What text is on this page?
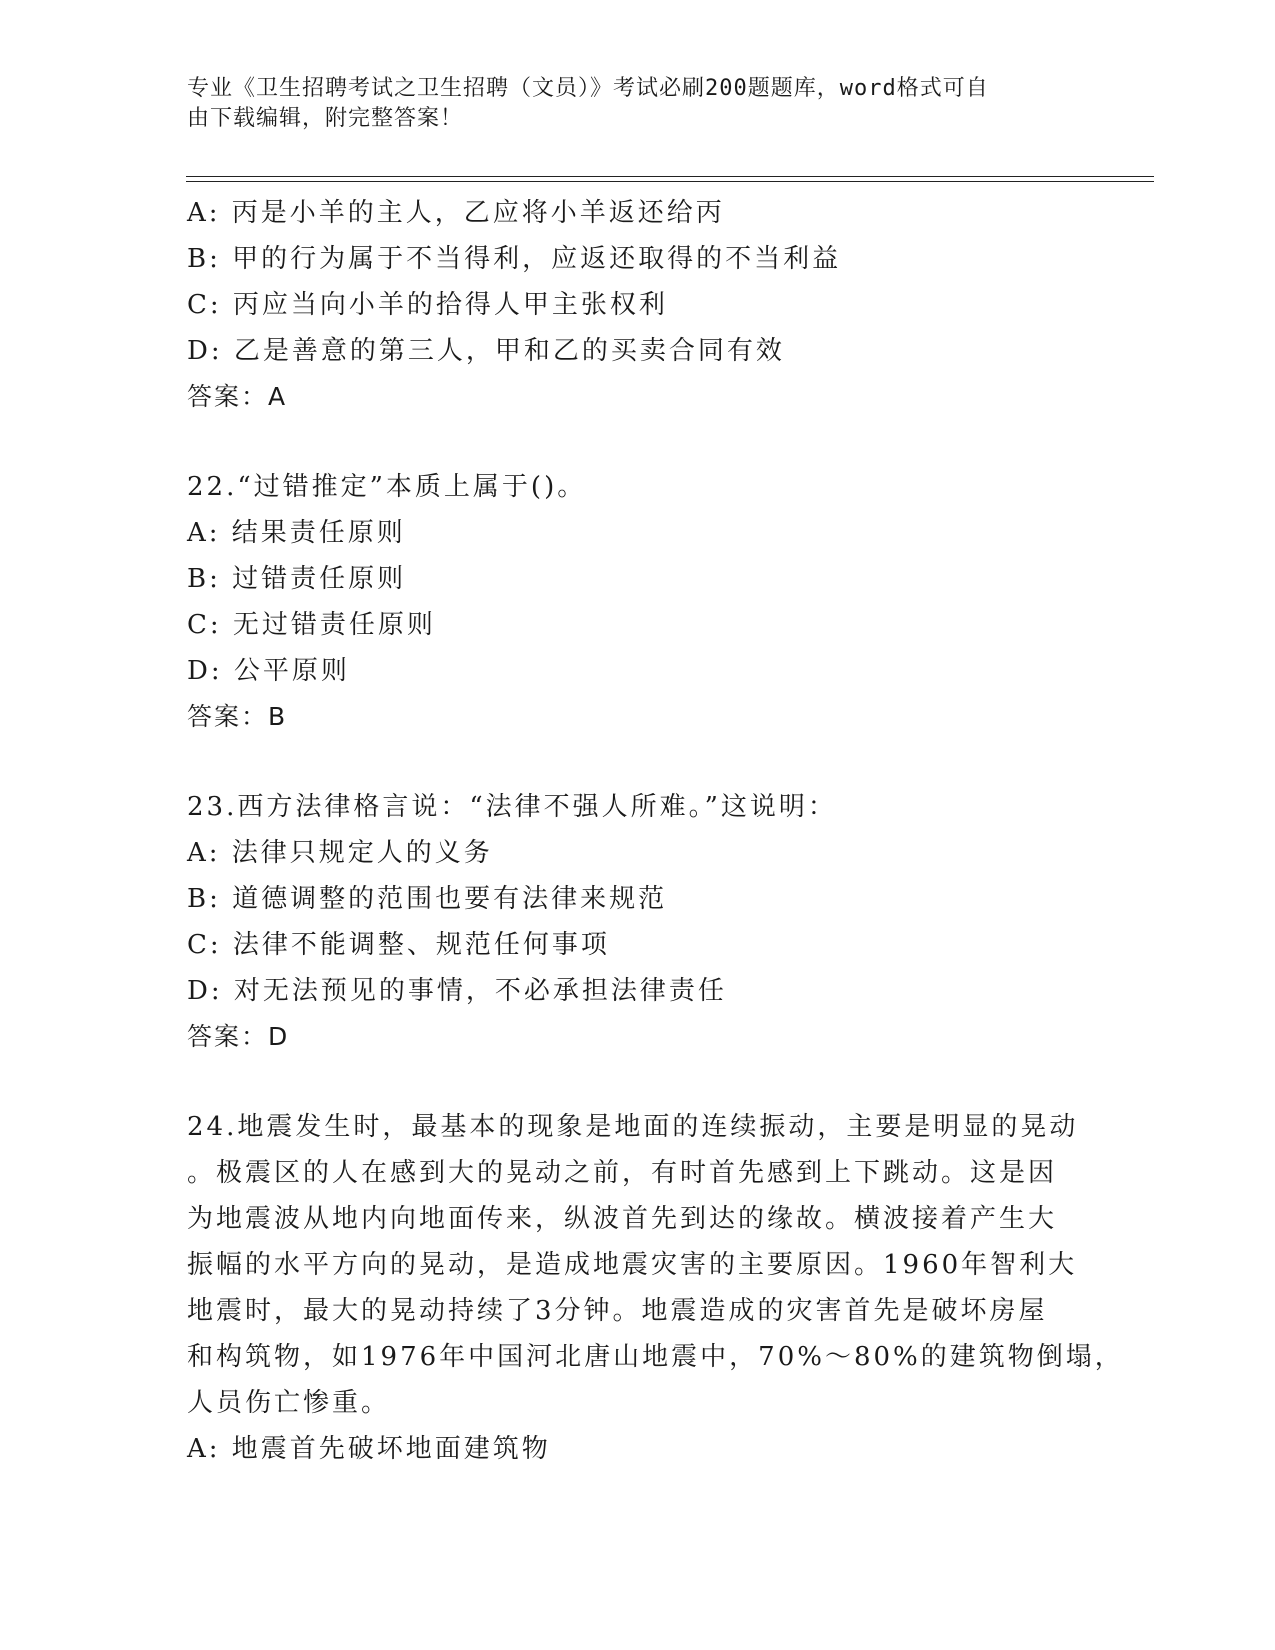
专业《卫生招聘考试之卫生招聘（文员）》考试必刷200题题库，word格式可自
由下载编辑，附完整答案！
A: 丙是小羊的主人，乙应将小羊返还给丙
B: 甲的行为属于不当得利，应返还取得的不当利益
C: 丙应当向小羊的拾得人甲主张权利
D: 乙是善意的第三人，甲和乙的买卖合同有效
答案：A
22.“过错推定”本质上属于()。
A: 结果责任原则
B: 过错责任原则
C: 无过错责任原则
D: 公平原则
答案：B
23.西方法律格言说：“法律不强人所难。”这说明：
A: 法律只规定人的义务
B: 道德调整的范围也要有法律来规范
C: 法律不能调整、规范任何事项
D: 对无法预见的事情，不必承担法律责任
答案：D
24.地震发生时，最基本的现象是地面的连续振动，主要是明显的晃动
。极震区的人在感到大的晃动之前，有时首先感到上下跳动。这是因
为地震波从地内向地面传来，纵波首先到达的缘故。横波接着产生大
振幅的水平方向的晃动，是造成地震灾害的主要原因。1960年智利大
地震时，最大的晃动持续了3分钟。地震造成的灾害首先是破坏房屋
和构筑物，如1976年中国河北唐山地震中，70%～80%的建筑物倒塌，
人员伤亡惨重。
A: 地震首先破坏地面建筑物
